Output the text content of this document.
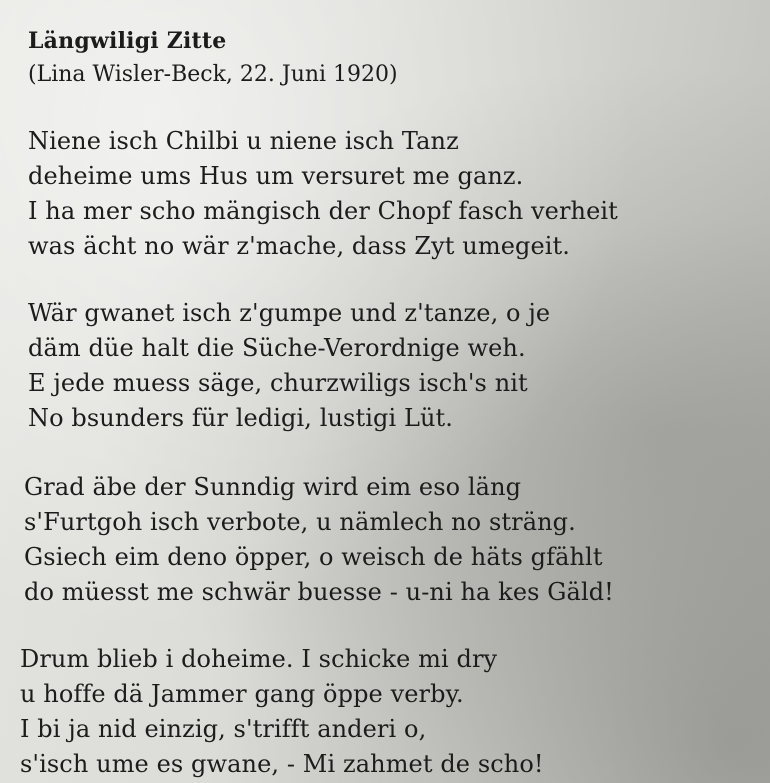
Längwiligi Zitte
(Lina Wisler-Beck, 22. Juni 1920)
Niene isch Chilbi u niene isch Tanz
deheime ums Hus um versuret me ganz.
I ha mer scho mängisch der Chopf fasch verheit
was ächt no wär z'mache, dass Zyt umegeit.
Wär gwanet isch z'gumpe und z'tanze, o je
däm düe halt die Süche-Verordnige weh.
E jede muess säge, churzwiligs isch's nit
No bsunders für ledigi, lustigi Lüt.
Grad äbe der Sunndig wird eim eso läng
s'Furtgoh isch verbote, u nämlech no sträng.
Gsiech eim deno öpper, o weisch de häts gfählt
do müesst me schwär buesse - u-ni ha kes Gäld!
Drum blieb i doheime. I schicke mi dry
u hoffe dä Jammer gang öppe verby.
I bi ja nid einzig, s'trifft anderi o,
s'isch ume es gwane, - Mi zahmet de scho!
